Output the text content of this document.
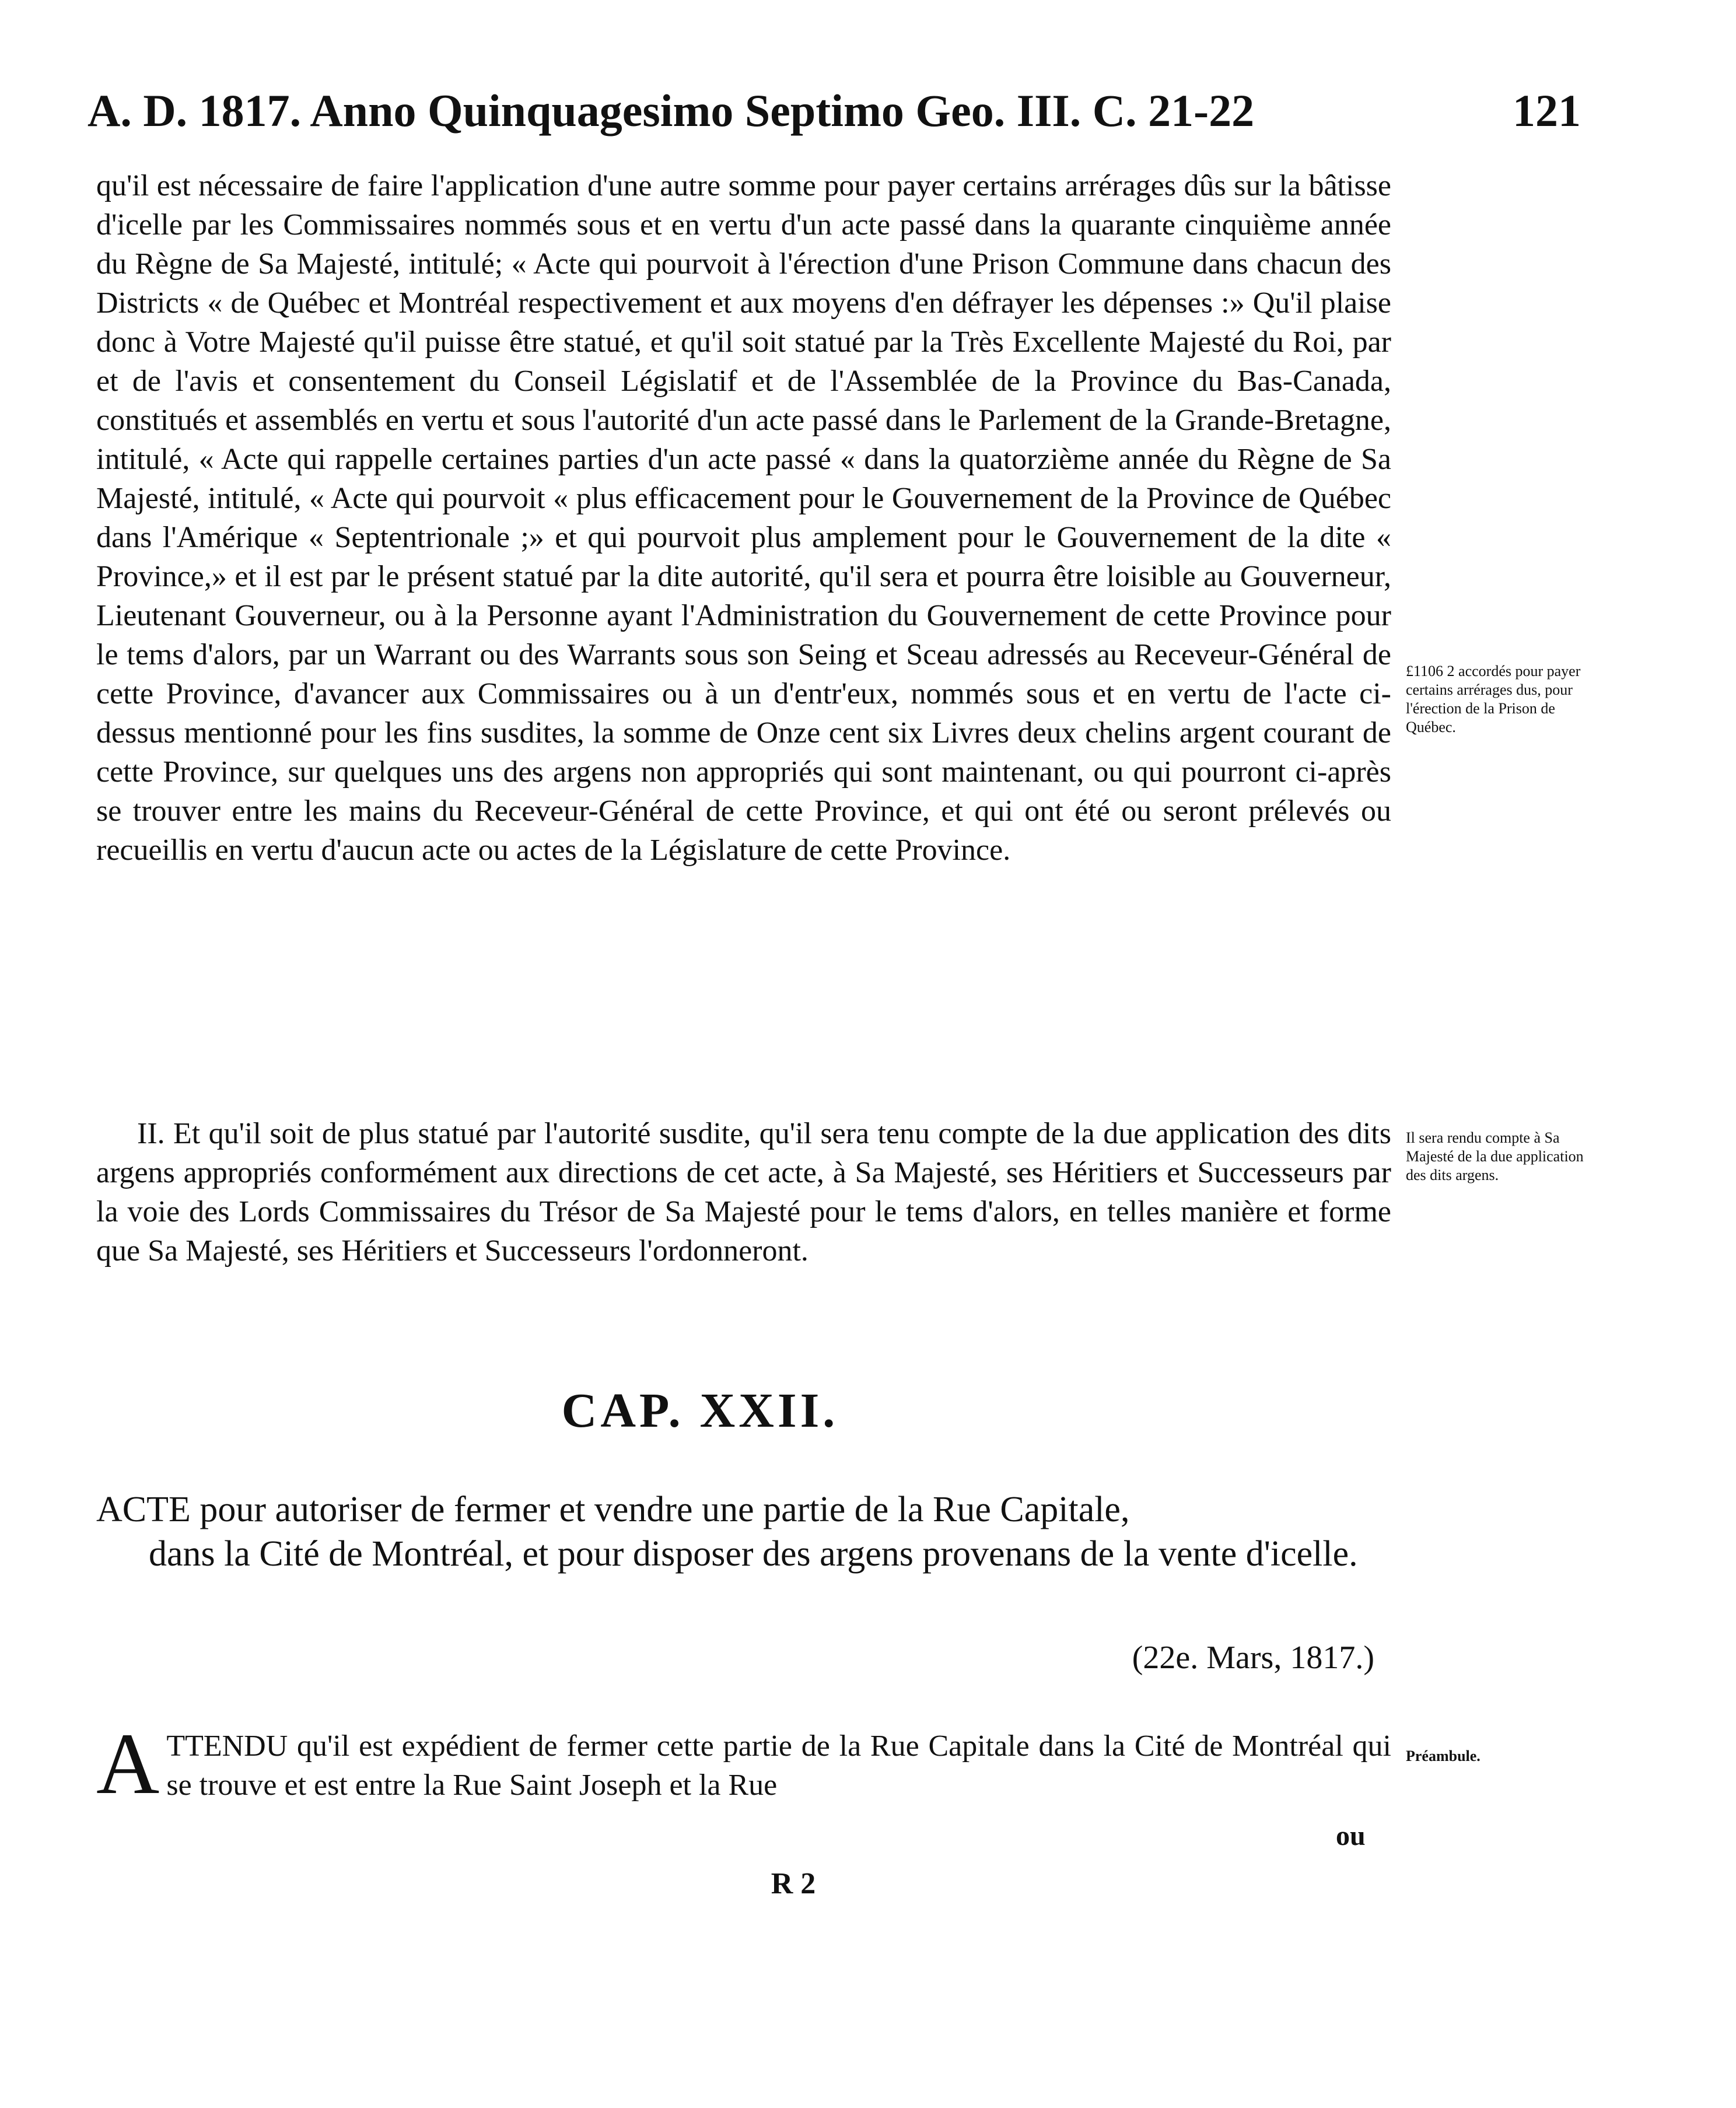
A. D. 1817. Anno Quinquagesimo Septimo Geo. III. C. 21-22	121
qu'il est nécessaire de faire l'application d'une autre somme pour payer certains arrérages dûs sur la bâtisse d'icelle par les Commissaires nommés sous et en vertu d'un acte passé dans la quarante cinquième année du Règne de Sa Majesté, intitulé; « Acte qui pourvoit à l'érection d'une Prison Commune dans chacun des Districts « de Québec et Montréal respectivement et aux moyens d'en défrayer les dépenses :» Qu'il plaise donc à Votre Majesté qu'il puisse être statué, et qu'il soit statué par la Très Excellente Majesté du Roi, par et de l'avis et consentement du Conseil Législatif et de l'Assemblée de la Province du Bas-Canada, constitués et assemblés en vertu et sous l'autorité d'un acte passé dans le Parlement de la Grande-Bretagne, intitulé, « Acte qui rappelle certaines parties d'un acte passé « dans la quatorzième année du Règne de Sa Majesté, intitulé, « Acte qui pourvoit « plus efficacement pour le Gouvernement de la Province de Québec dans l'Amérique « Septentrionale ;» et qui pourvoit plus amplement pour le Gouvernement de la dite « Province,» et il est par le présent statué par la dite autorité, qu'il sera et pourra être loisible au Gouverneur, Lieutenant Gouverneur, ou à la Personne ayant l'Administration du Gouvernement de cette Province pour le tems d'alors, par un Warrant ou des Warrants sous son Seing et Sceau adressés au Receveur-Général de cette Province, d'avancer aux Commissaires ou à un d'entr'eux, nommés sous et en vertu de l'acte ci-dessus mentionné pour les fins susdites, la somme de Onze cent six Livres deux chelins argent courant de cette Province, sur quelques uns des argens non appropriés qui sont maintenant, ou qui pourront ci-après se trouver entre les mains du Receveur-Général de cette Province, et qui ont été ou seront prélevés ou recueillis en vertu d'aucun acte ou actes de la Législature de cette Province.
£1106 2 accordés pour payer certains arrérages dus, pour l'érection de la Prison de Québec.
II. Et qu'il soit de plus statué par l'autorité susdite, qu'il sera tenu compte de la due application des dits argens appropriés conformément aux directions de cet acte, à Sa Majesté, ses Héritiers et Successeurs par la voie des Lords Commissaires du Trésor de Sa Majesté pour le tems d'alors, en telles manière et forme que Sa Majesté, ses Héritiers et Successeurs l'ordonneront.
Il sera rendu compte à Sa Majesté de la due application des dits argens.
CAP. XXII.
ACTE pour autoriser de fermer et vendre une partie de la Rue Capitale,
dans la Cité de Montréal, et pour disposer des argens provenans de la vente d'icelle.
(22e. Mars, 1817.)
A TTENDU qu'il est expédient de fermer cette partie de la Rue Capitale dans la Cité de Montréal qui se trouve et est entre la Rue Saint Joseph et la Rue
Préambule.
ou
R 2
